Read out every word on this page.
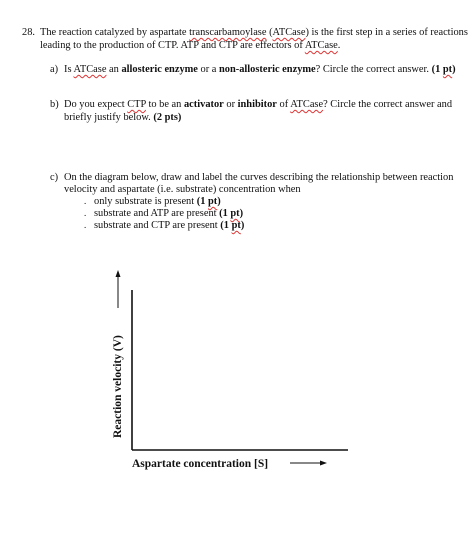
28. The reaction catalyzed by aspartate transcarbamoylase (ATCase) is the first step in a series of reactions
leading to the production of CTP. ATP and CTP are effectors of ATCase.
a) Is ATCase an allosteric enzyme or a non-allosteric enzyme? Circle the correct answer. (1 pt)
b) Do you expect CTP to be an activator or inhibitor of ATCase? Circle the correct answer and
briefly justify below. (2 pts)
c) On the diagram below, draw and label the curves describing the relationship between reaction
velocity and aspartate (i.e. substrate) concentration when
. only substrate is present (1 pt)
. substrate and ATP are present (1 pt)
. substrate and CTP are present (1 pt)
Reaction velocity (V)
Aspartate concentration [S]
